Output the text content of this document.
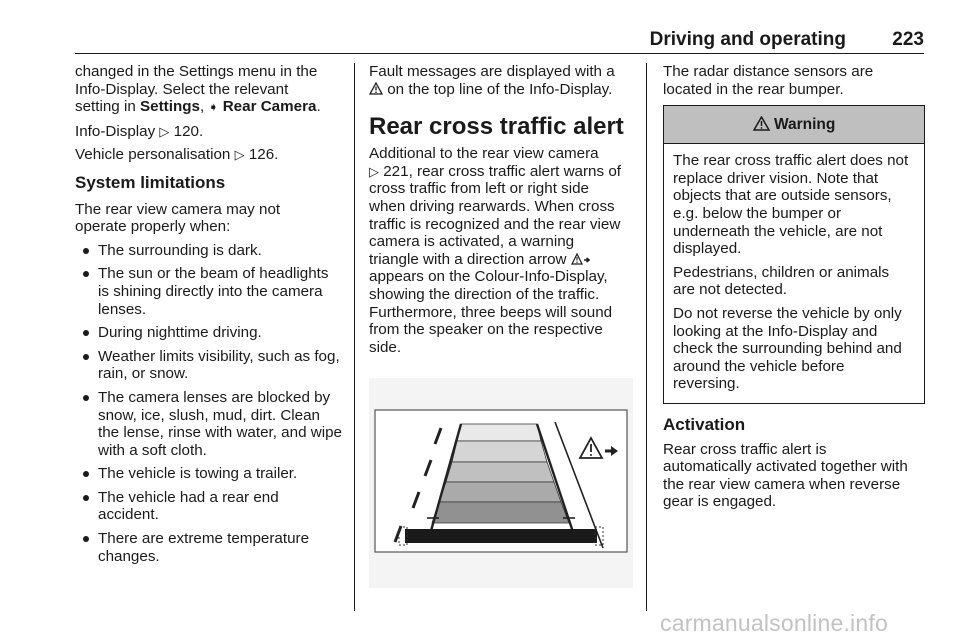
Driving and operating 223

changed in the Settings menu in the
Info-Display. Select the relevant
setting in Settings, ➧ Rear Camera.

Info-Display ▷ 120.

Vehicle personalisation ▷ 126.

System limitations

The rear view camera may not
operate properly when:

The surrounding is dark.
The sun or the beam of headlights is shining directly into the camera lenses.
During nighttime driving.
Weather limits visibility, such as fog, rain, or snow.
The camera lenses are blocked by snow, ice, slush, mud, dirt. Clean the lense, rinse with water, and wipe with a soft cloth.
The vehicle is towing a trailer.
The vehicle had a rear end accident.
There are extreme temperature changes.

Fault messages are displayed with a
on the top line of the Info-Display.

Rear cross traffic alert

Additional to the rear view camera
▷ 221, rear cross traffic alert warns of
cross traffic from left or right side
when driving rearwards. When cross
traffic is recognized and the rear view
camera is activated, a warning
triangle with a direction arrow
appears on the Colour-Info-Display,
showing the direction of the traffic.
Furthermore, three beeps will sound
from the speaker on the respective
side.

The radar distance sensors are
located in the rear bumper.

Warning

The rear cross traffic alert does not
replace driver vision. Note that
objects that are outside sensors,
e.g. below the bumper or
underneath the vehicle, are not
displayed.

Pedestrians, children or animals
are not detected.

Do not reverse the vehicle by only
looking at the Info-Display and
check the surrounding behind and
around the vehicle before
reversing.

Activation

Rear cross traffic alert is
automatically activated together with
the rear view camera when reverse
gear is engaged.

carmanualsonline.info
